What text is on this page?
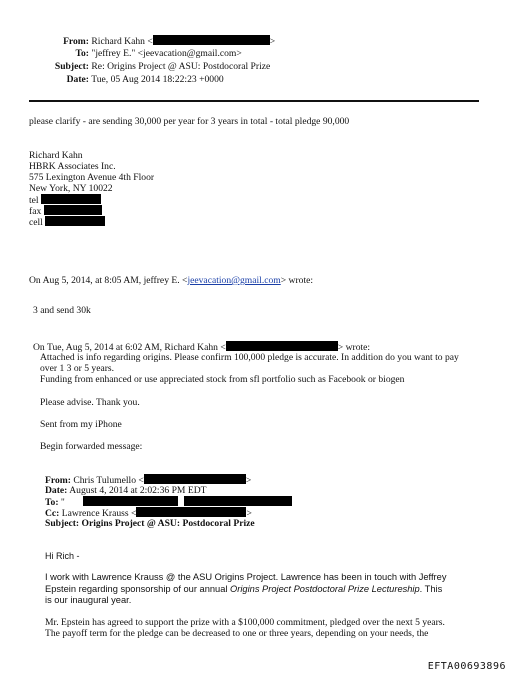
From: Richard Kahn <	>
To: "jeffrey E." <jeevacation@gmail.com>
Subject: Re: Origins Project @ ASU: Postdocoral Prize
Date: Tue, 05 Aug 2014 18:22:23 +0000
please clarify - are sending 30,000 per year for 3 years in total - total pledge 90,000
Richard Kahn
HBRK Associates Inc.
575 Lexington Avenue 4th Floor
New York, NY 10022
tel
fax
cell
On Aug 5, 2014, at 8:05 AM, jeffrey E. <jeevacation@gmail.com> wrote:
3 and send 30k
On Tue, Aug 5, 2014 at 6:02 AM, Richard Kahn <	> wrote:
Attached is info regarding origins. Please confirm 100,000 pledge is accurate. In addition do you want to pay
over 1 3 or 5 years.
Funding from enhanced or use appreciated stock from sfl portfolio such as Facebook or biogen
Please advise. Thank you.
Sent from my iPhone
Begin forwarded message:
From: Chris Tulumello <	>
Date: August 4, 2014 at 2:02:36 PM EDT
To: "
Cc: Lawrence Krauss <	>
Subject: Origins Project @ ASU: Postdocoral Prize
Hi Rich -
I work with Lawrence Krauss @ the ASU Origins Project. Lawrence has been in touch with Jeffrey
Epstein regarding sponsorship of our annual Origins Project Postdoctoral Prize Lectureship. This
is our inaugural year.
Mr. Epstein has agreed to support the prize with a $100,000 commitment, pledged over the next 5 years.
The payoff term for the pledge can be decreased to one or three years, depending on your needs, the
EFTA00693896
